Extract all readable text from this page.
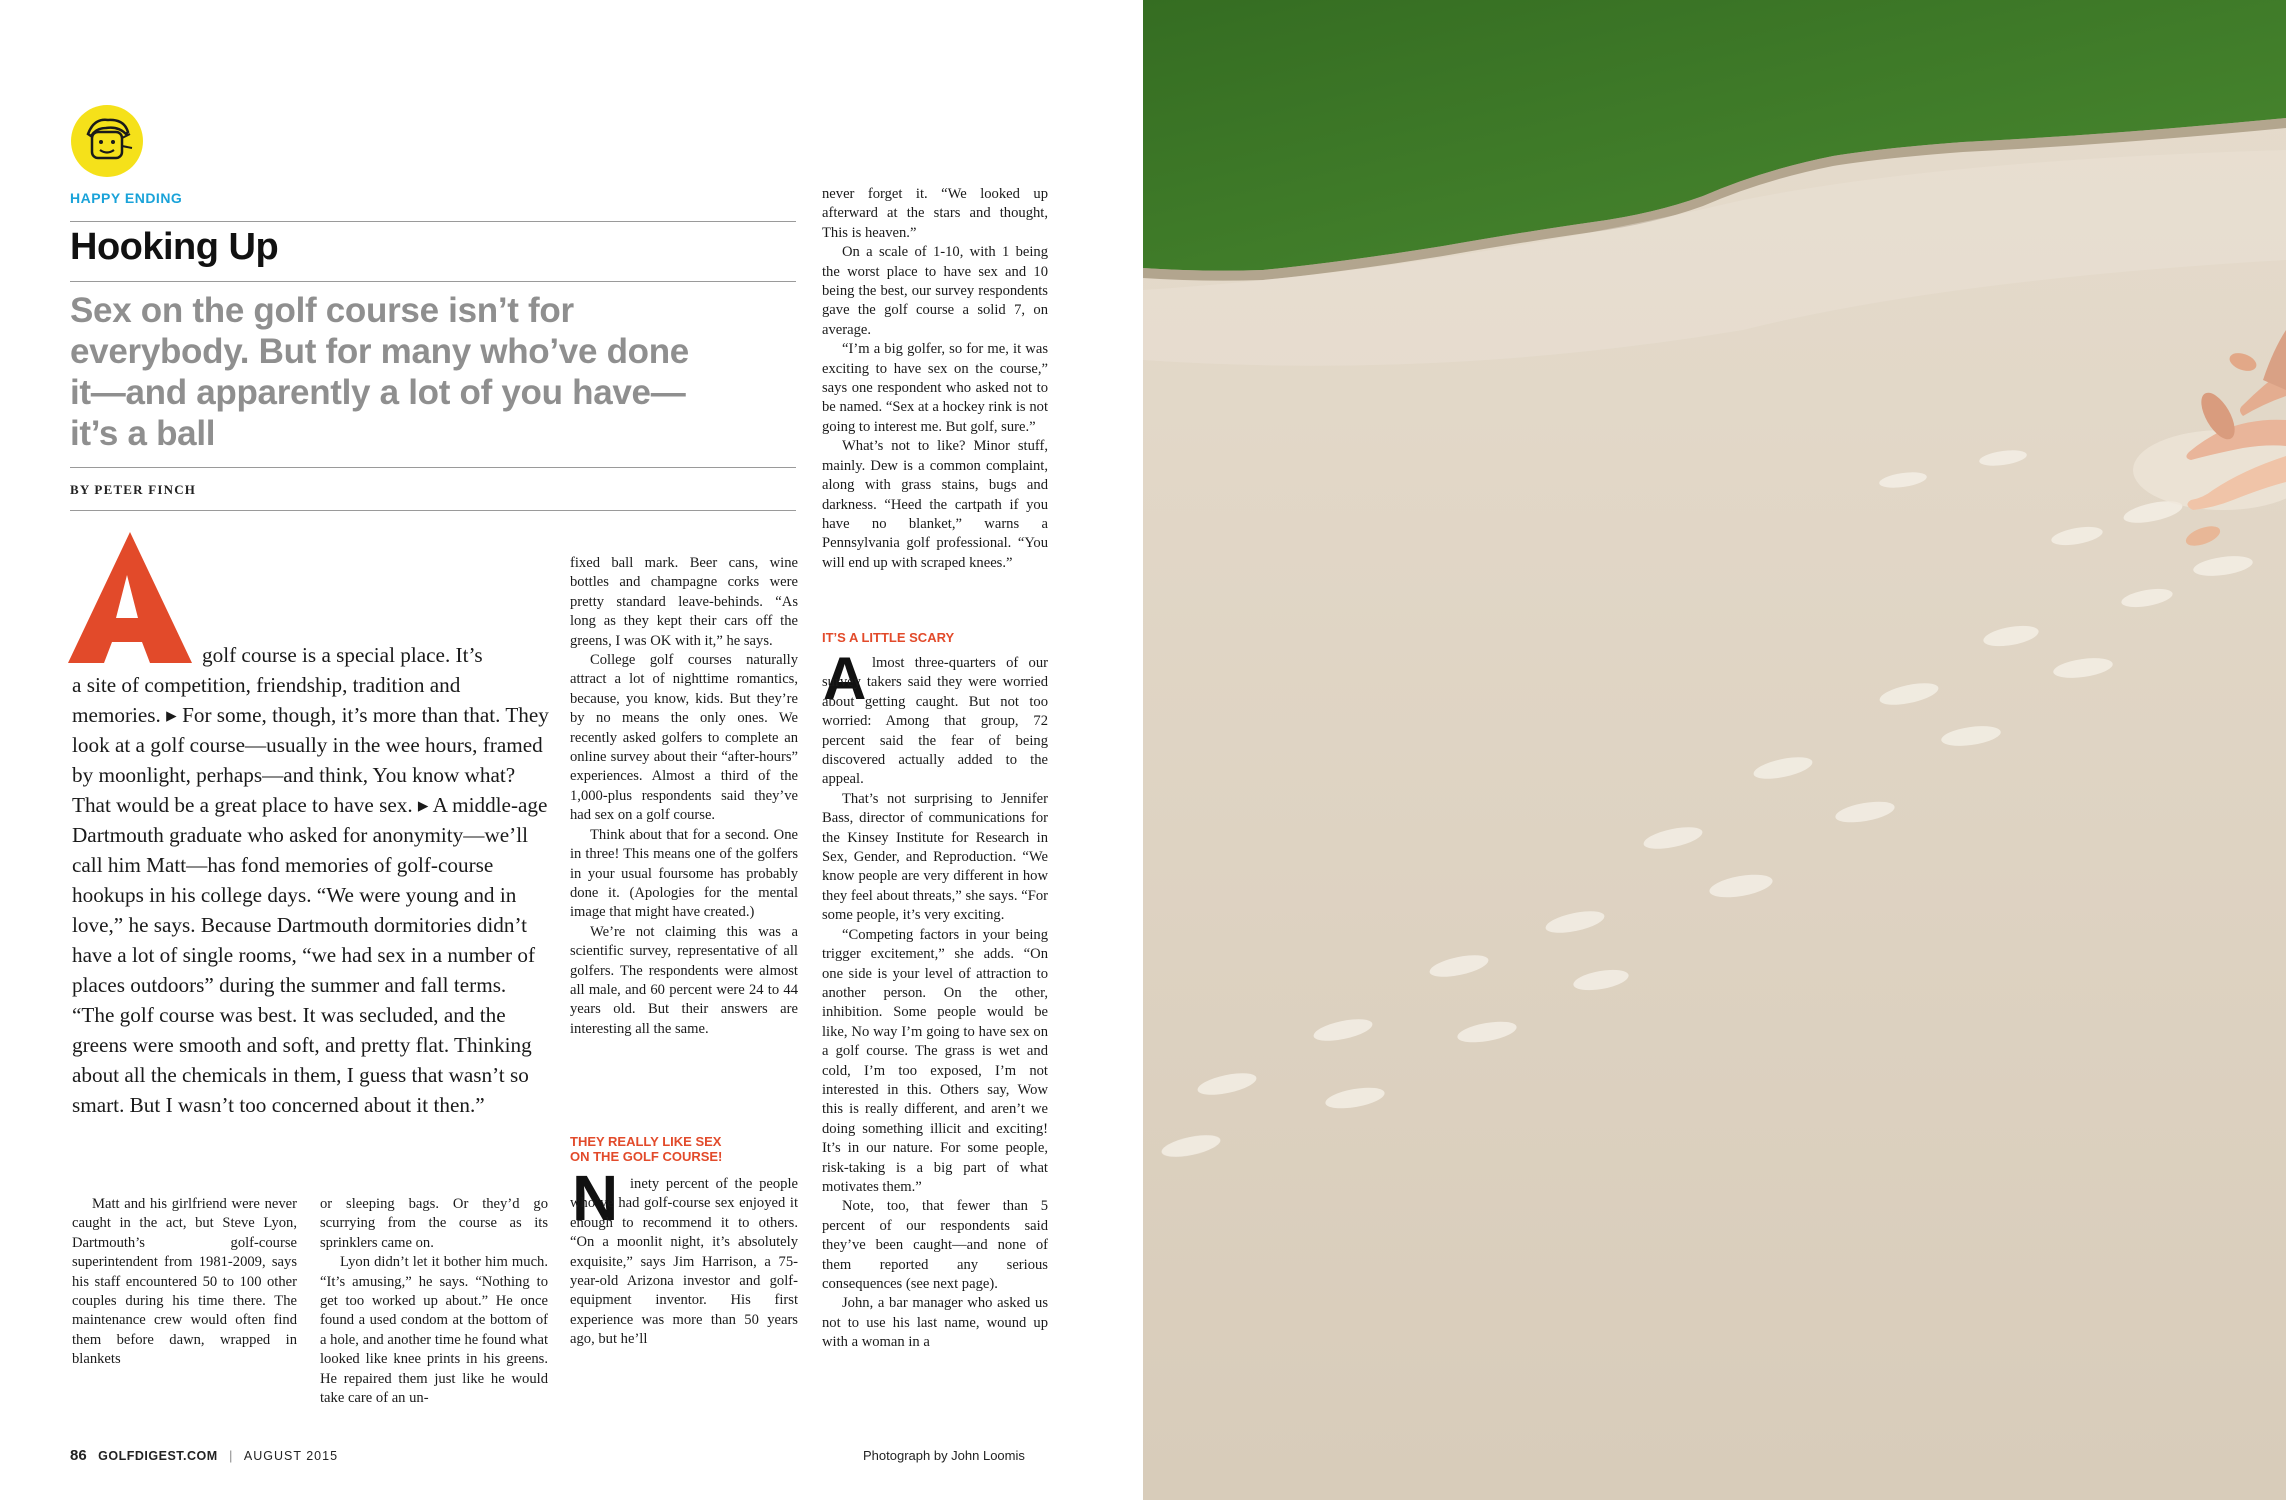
HAPPY ENDING
Hooking Up
Sex on the golf course isn’t for everybody. But for many who’ve done it—and apparently a lot of you have—it’s a ball
BY PETER FINCH
golf course is a special place. It’s
a site of competition, friendship, tradition and memories. ▸ For some, though, it’s more than that. They look at a golf course—usually in the wee hours, framed by moonlight, perhaps—and think, You know what? That would be a great place to have sex. ▸ A middle-age Dartmouth graduate who asked for anonymity—we’ll call him Matt—has fond memories of golf-course hookups in his college days. “We were young and in love,” he says. Because Dartmouth dormitories didn’t have a lot of single rooms, “we had sex in a number of places outdoors” during the summer and fall terms. “The golf course was best. It was secluded, and the greens were smooth and soft, and pretty flat. Thinking about all the chemicals in them, I guess that wasn’t so smart. But I wasn’t too concerned about it then.”

Matt and his girlfriend were never caught in the act, but Steve Lyon, Dartmouth’s golf-course superintendent from 1981-2009, says his staff encountered 50 to 100 other couples during his time there. The maintenance crew would often find them before dawn, wrapped in blankets

or sleeping bags. Or they’d go scurrying from the course as its sprinklers came on.

Lyon didn’t let it bother him much. “It’s amusing,” he says. “Nothing to get too worked up about.” He once found a used condom at the bottom of a hole, and another time he found what looked like knee prints in his greens. He repaired them just like he would take care of an un-

fixed ball mark. Beer cans, wine bottles and champagne corks were pretty standard leave-behinds. “As long as they kept their cars off the greens, I was OK with it,” he says.

College golf courses naturally attract a lot of nighttime romantics, because, you know, kids. But they’re by no means the only ones. We recently asked golfers to complete an online survey about their “after-hours” experiences. Almost a third of the 1,000-plus respondents said they’ve had sex on a golf course.

Think about that for a second. One in three! This means one of the golfers in your usual foursome has probably done it. (Apologies for the mental image that might have created.)

We’re not claiming this was a scientific survey, representative of all golfers. The respondents were almost all male, and 60 percent were 24 to 44 years old. But their answers are interesting all the same.

THEY REALLY LIKE SEX
ON THE GOLF COURSE!
N inety percent of the people who’ve had golf-course sex enjoyed it enough to recommend it to others. “On a moonlit night, it’s absolutely exquisite,” says Jim Harrison, a 75-year-old Arizona investor and golf-equipment inventor. His first experience was more than 50 years ago, but he’ll

never forget it. “We looked up afterward at the stars and thought, This is heaven.”

On a scale of 1-10, with 1 being the worst place to have sex and 10 being the best, our survey respondents gave the golf course a solid 7, on average.

“I’m a big golfer, so for me, it was exciting to have sex on the course,” says one respondent who asked not to be named. “Sex at a hockey rink is not going to interest me. But golf, sure.”

What’s not to like? Minor stuff, mainly. Dew is a common complaint, along with grass stains, bugs and darkness. “Heed the cartpath if you have no blanket,” warns a Pennsylvania golf professional. “You will end up with scraped knees.”

IT’S A LITTLE SCARY
A lmost three-quarters of our survey takers said they were worried about getting caught. But not too worried: Among that group, 72 percent said the fear of being discovered actually added to the appeal.

That’s not surprising to Jennifer Bass, director of communications for the Kinsey Institute for Research in Sex, Gender, and Reproduction. “We know people are very different in how they feel about threats,” she says. “For some people, it’s very exciting.

“Competing factors in your being trigger excitement,” she adds. “On one side is your level of attraction to another person. On the other, inhibition. Some people would be like, No way I’m going to have sex on a golf course. The grass is wet and cold, I’m too exposed, I’m not interested in this. Others say, Wow this is really different, and aren’t we doing something illicit and exciting! It’s in our nature. For some people, risk-taking is a big part of what motivates them.”

Note, too, that fewer than 5 percent of our respondents said they’ve been caught—and none of them reported any serious consequences (see next page).

John, a bar manager who asked us not to use his last name, wound up with a woman in a

86 GOLFDIGEST.COM | AUGUST 2015	Photograph by John Loomis
